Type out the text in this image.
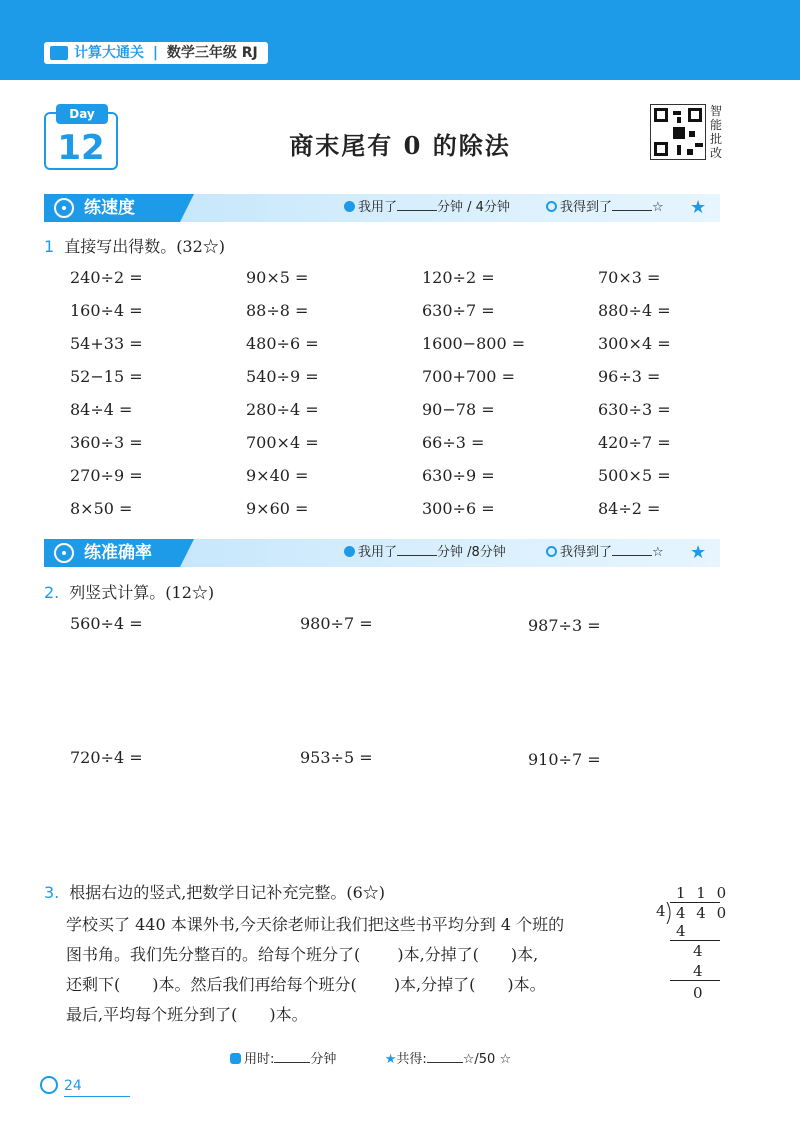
计算大通关 | 数学三年级 RJ
Day
12	商末尾有 0 的除法
智
能
批
改
练速度	我用了	分钟 / 4分钟	我得到了	☆ ★
1 直接写出得数。(32☆)
240÷2 =	90×5 =	120÷2 =	70×3 =
160÷4 =	88÷8 =	630÷7 =	880÷4 =
54+33 =	480÷6 =	1600−800 =	300×4 =
52−15 =	540÷9 =	700+700 =	96÷3 =
84÷4 =	280÷4 =	90−78 =	630÷3 =
360÷3 =	700×4 =	66÷3 =	420÷7 =
270÷9 =	9×40 =	630÷9 =	500×5 =
8×50 =	9×60 =	300÷6 =	84÷2 =
练准确率	我用了	分钟 /8分钟	我得到了	☆ ★
2. 列竖式计算。(12☆)
560÷4 =	980÷7 =	987÷3 =
720÷4 =	953÷5 =	910÷7 =
3. 根据右边的竖式,把数学日记补充完整。(6☆)
学校买了 440 本课外书,今天徐老师让我们把这些书平均分到 4 个班的
图书角。我们先分整百的。给每个班分了(　　 )本,分掉了(　　)本,
还剩下(　　)本。然后我们再给每个班分(　　 )本,分掉了(　　)本。
最后,平均每个班分到了(　　)本。
1 1 0
4 4 4 0
4
4
4
0
用时:	分钟	★共得:	☆/50 ☆
24
